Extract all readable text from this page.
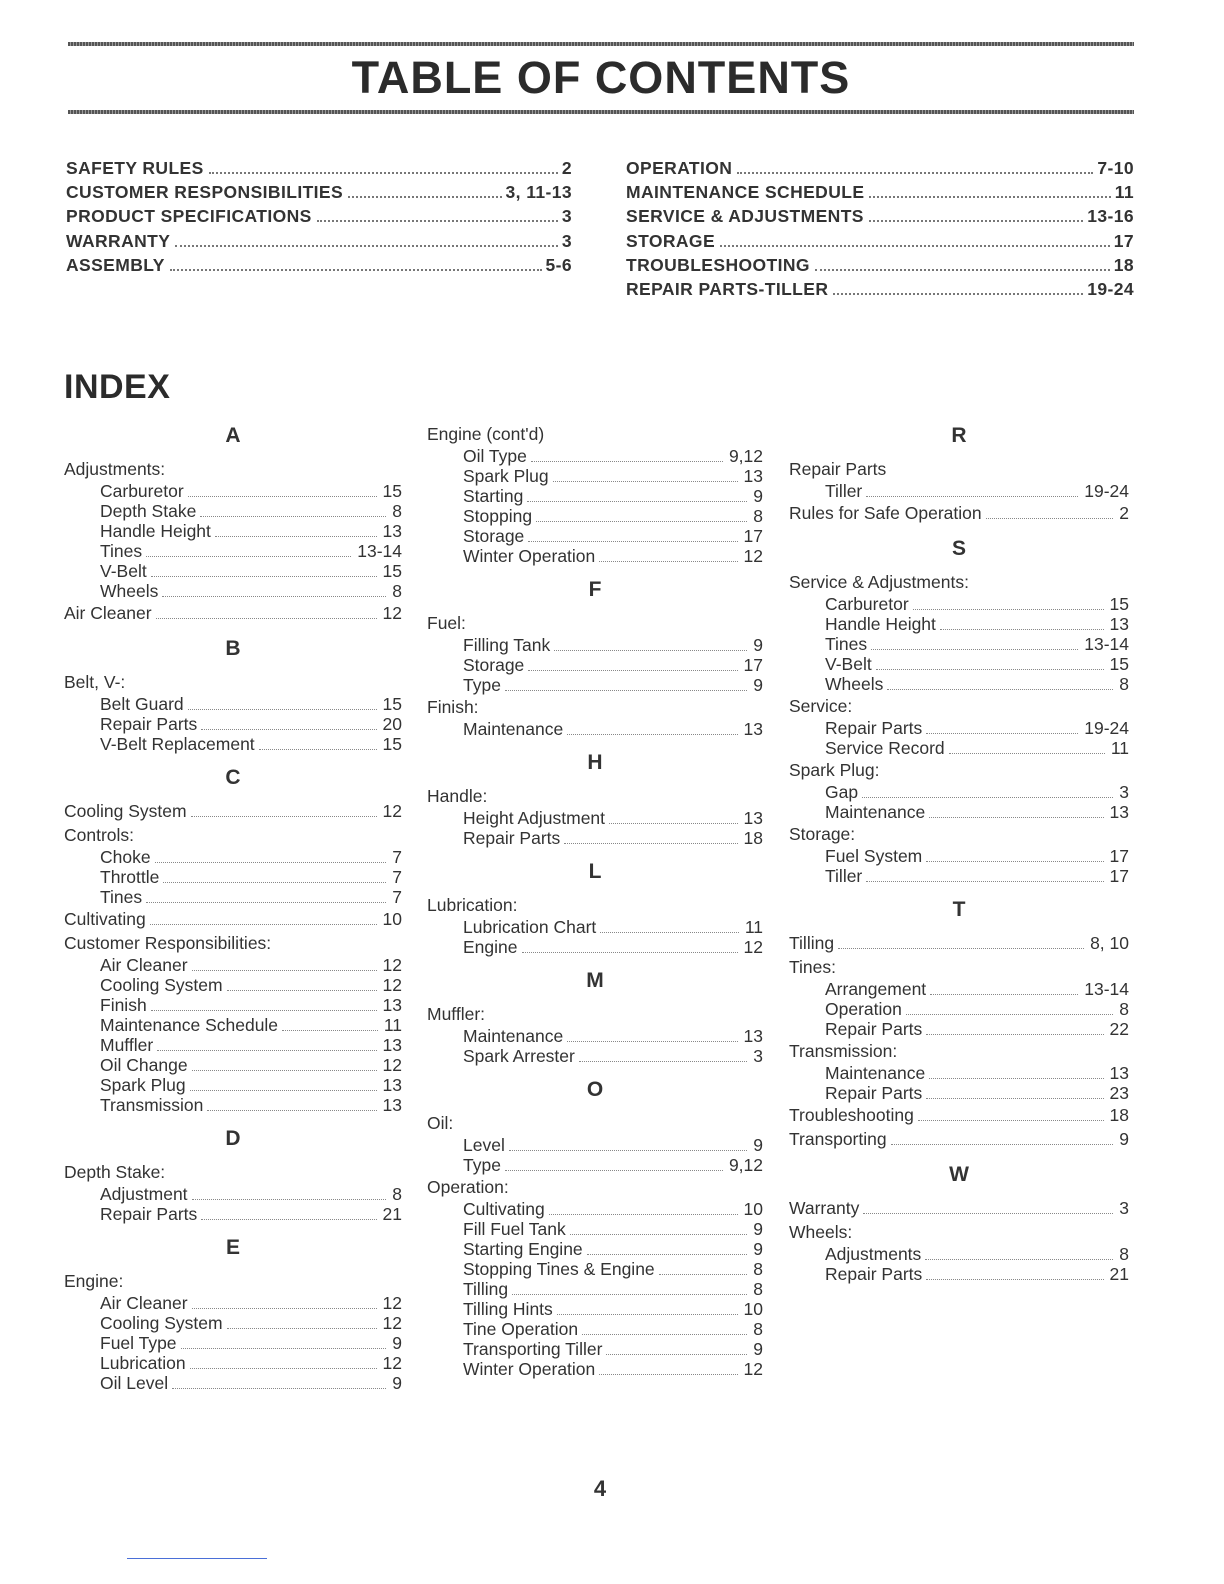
TABLE OF CONTENTS
SAFETY RULES	2
CUSTOMER RESPONSIBILITIES	3, 11-13
PRODUCT SPECIFICATIONS	3
WARRANTY	3
ASSEMBLY	5-6
OPERATION	7-10
MAINTENANCE SCHEDULE	11
SERVICE & ADJUSTMENTS	13-16
STORAGE	17
TROUBLESHOOTING	18
REPAIR PARTS-TILLER	19-24
INDEX
A
Adjustments:
Carburetor	15
Depth Stake	8
Handle Height	13
Tines	13-14
V-Belt	15
Wheels	8
Air Cleaner	12
B
Belt, V-:
Belt Guard	15
Repair Parts	20
V-Belt Replacement	15
C
Cooling System	12
Controls:
Choke	7
Throttle	7
Tines	7
Cultivating	10
Customer Responsibilities:
Air Cleaner	12
Cooling System	12
Finish	13
Maintenance Schedule	11
Muffler	13
Oil Change	12
Spark Plug	13
Transmission	13
D
Depth Stake:
Adjustment	8
Repair Parts	21
E
Engine:
Air Cleaner	12
Cooling System	12
Fuel Type	9
Lubrication	12
Oil Level	9
Engine (cont'd)
Oil Type	9,12
Spark Plug	13
Starting	9
Stopping	8
Storage	17
Winter Operation	12
F
Fuel:
Filling Tank	9
Storage	17
Type	9
Finish:
Maintenance	13
H
Handle:
Height Adjustment	13
Repair Parts	18
L
Lubrication:
Lubrication Chart	11
Engine	12
M
Muffler:
Maintenance	13
Spark Arrester	3
O
Oil:
Level	9
Type	9,12
Operation:
Cultivating	10
Fill Fuel Tank	9
Starting Engine	9
Stopping Tines & Engine	8
Tilling	8
Tilling Hints	10
Tine Operation	8
Transporting Tiller	9
Winter Operation	12
R
Repair Parts
Tiller	19-24
Rules for Safe Operation	2
S
Service & Adjustments:
Carburetor	15
Handle Height	13
Tines	13-14
V-Belt	15
Wheels	8
Service:
Repair Parts	19-24
Service Record	11
Spark Plug:
Gap	3
Maintenance	13
Storage:
Fuel System	17
Tiller	17
T
Tilling	8, 10
Tines:
Arrangement	13-14
Operation	8
Repair Parts	22
Transmission:
Maintenance	13
Repair Parts	23
Troubleshooting	18
Transporting	9
W
Warranty	3
Wheels:
Adjustments	8
Repair Parts	21
4
